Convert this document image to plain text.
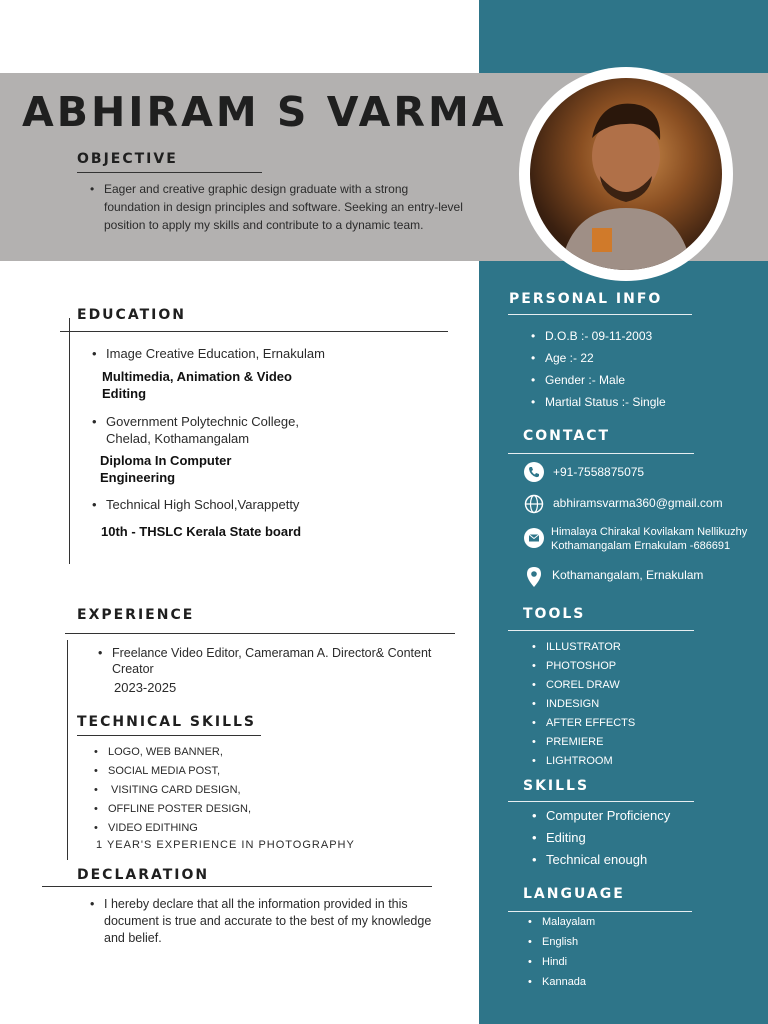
ABHIRAM S VARMA
OBJECTIVE
• Eager and creative graphic design graduate with a strong foundation in design principles and software. Seeking an entry-level position to apply my skills and contribute to a dynamic team.
EDUCATION
• Image Creative Education, Ernakulam
Multimedia, Animation & Video Editing
• Government Polytechnic College, Chelad, Kothamangalam
Diploma In Computer Engineering
• Technical High School,Varappetty
10th - THSLC Kerala State board
EXPERIENCE
• Freelance Video Editor, Cameraman A. Director& Content Creator
2023-2025
TECHNICAL SKILLS
• LOGO, WEB BANNER,
• SOCIAL MEDIA POST,
• VISITING CARD DESIGN,
• OFFLINE POSTER DESIGN,
• VIDEO EDITHING
1 YEAR'S EXPERIENCE IN PHOTOGRAPHY
DECLARATION
• I hereby declare that all the information provided in this document is true and accurate to the best of my knowledge and belief.
PERSONAL INFO
• D.O.B :- 09-11-2003
• Age :- 22
• Gender :- Male
• Martial Status :- Single
CONTACT
+91-7558875075
abhiramsvarma360@gmail.com
Himalaya Chirakal Kovilakam Nellikuzhy
Kothamangalam Ernakulam -686691
Kothamangalam, Ernakulam
TOOLS
• ILLUSTRATOR
• PHOTOSHOP
• COREL DRAW
• INDESIGN
• AFTER EFFECTS
• PREMIERE
• LIGHTROOM
SKILLS
• Computer Proficiency
• Editing
• Technical enough
LANGUAGE
• Malayalam
• English
• Hindi
• Kannada
